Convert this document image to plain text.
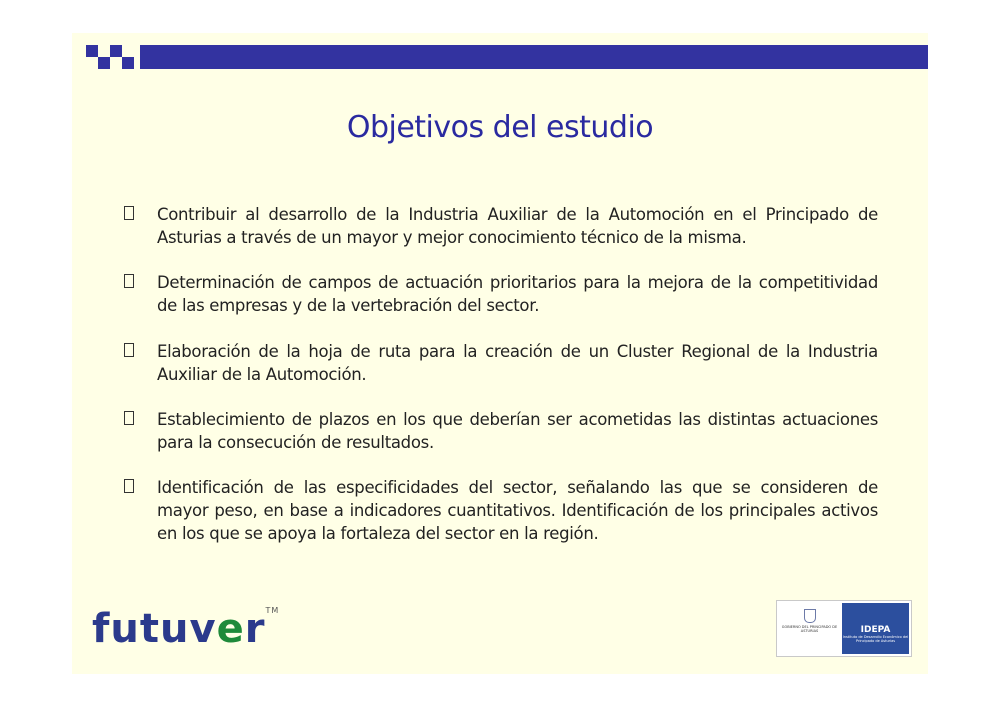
Objetivos del estudio
Contribuir al desarrollo de la Industria Auxiliar de la Automoción en el Principado de Asturias a través de un mayor y mejor conocimiento técnico de la misma.
Determinación de campos de actuación prioritarios para la mejora de la competitividad de las empresas y de la vertebración del sector.
Elaboración de la hoja de ruta para la creación de un Cluster Regional de la Industria Auxiliar de la Automoción.
Establecimiento de plazos en los que deberían ser acometidas las distintas actuaciones para la consecución de resultados.
Identificación de las especificidades del sector, señalando las que se consideren de mayor peso, en base a indicadores cuantitativos. Identificación de los principales activos en los que se apoya la fortaleza del sector en la región.
futuver™
GOBIERNO DEL PRINCIPADO DE ASTURIAS	IDEPA
Instituto de Desarrollo Económico del Principado de Asturias
